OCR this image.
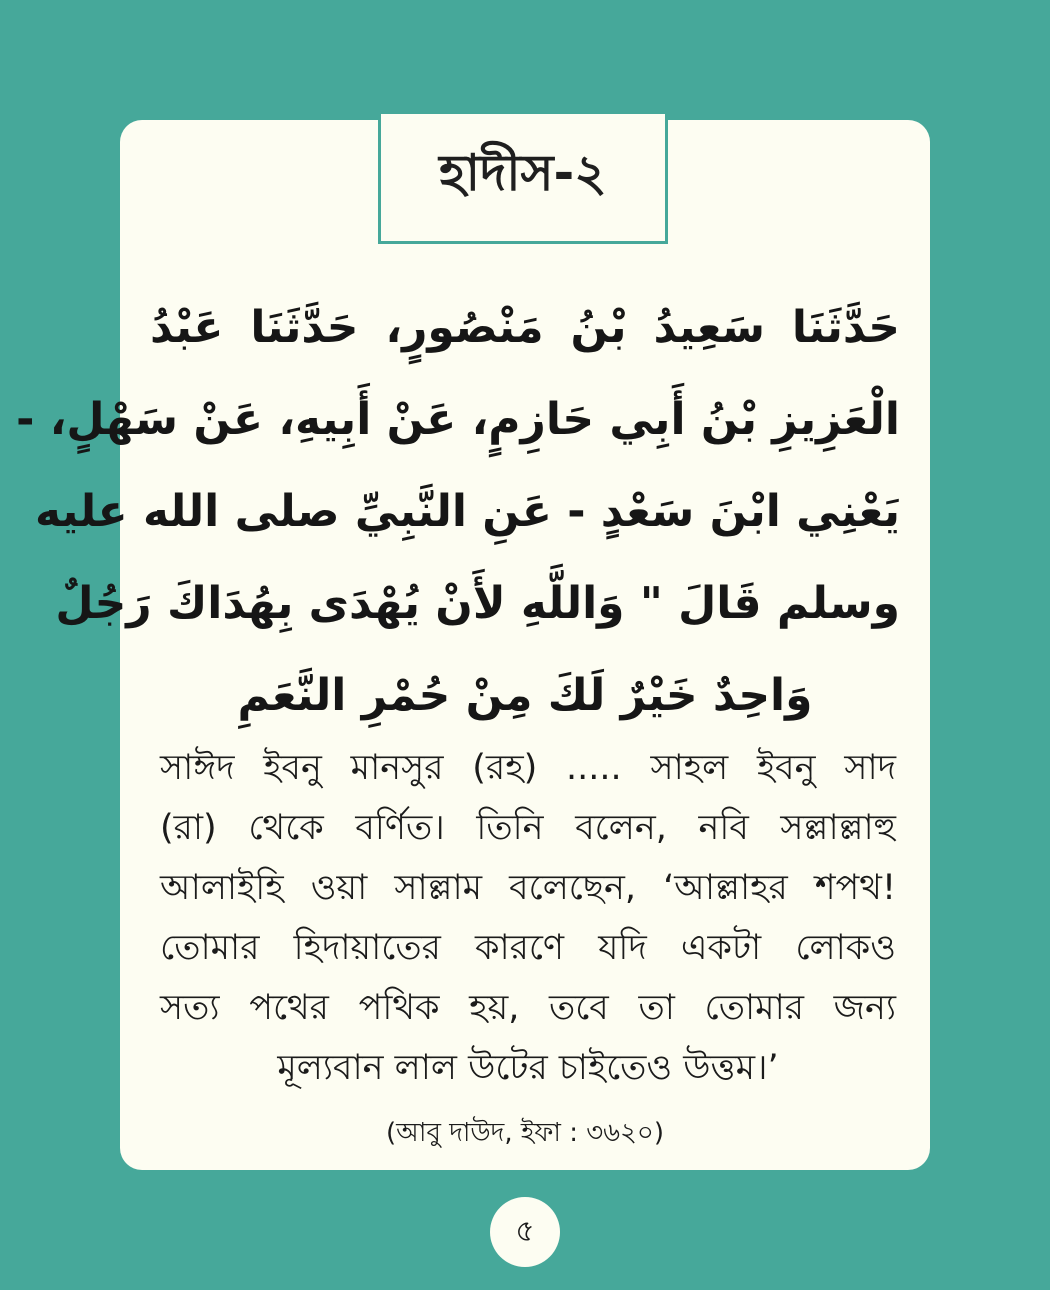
হাদীস-২
حَدَّثَنَا سَعِيدُ بْنُ مَنْصُورٍ، حَدَّثَنَا عَبْدُ
الْعَزِيزِ بْنُ أَبِي حَازِمٍ، عَنْ أَبِيهِ، عَنْ سَهْلٍ، -
يَعْنِي ابْنَ سَعْدٍ - عَنِ النَّبِيِّ صلى الله عليه
وسلم قَالَ " وَاللَّهِ لأَنْ يُهْدَى بِهُدَاكَ رَجُلٌ
وَاحِدٌ خَيْرٌ لَكَ مِنْ حُمْرِ النَّعَمِ
সাঈদ ইবনু মানসুর (রহ) ..... সাহল ইবনু সাদ
(রা) থেকে বর্ণিত। তিনি বলেন, নবি সল্লাল্লাহু
আলাইহি ওয়া সাল্লাম বলেছেন, ‘আল্লাহর শপথ!
তোমার হিদায়াতের কারণে যদি একটা লোকও
সত্য পথের পথিক হয়, তবে তা তোমার জন্য
মূল্যবান লাল উটের চাইতেও উত্তম।’
(আবু দাউদ, ইফা : ৩৬২০)
৫
